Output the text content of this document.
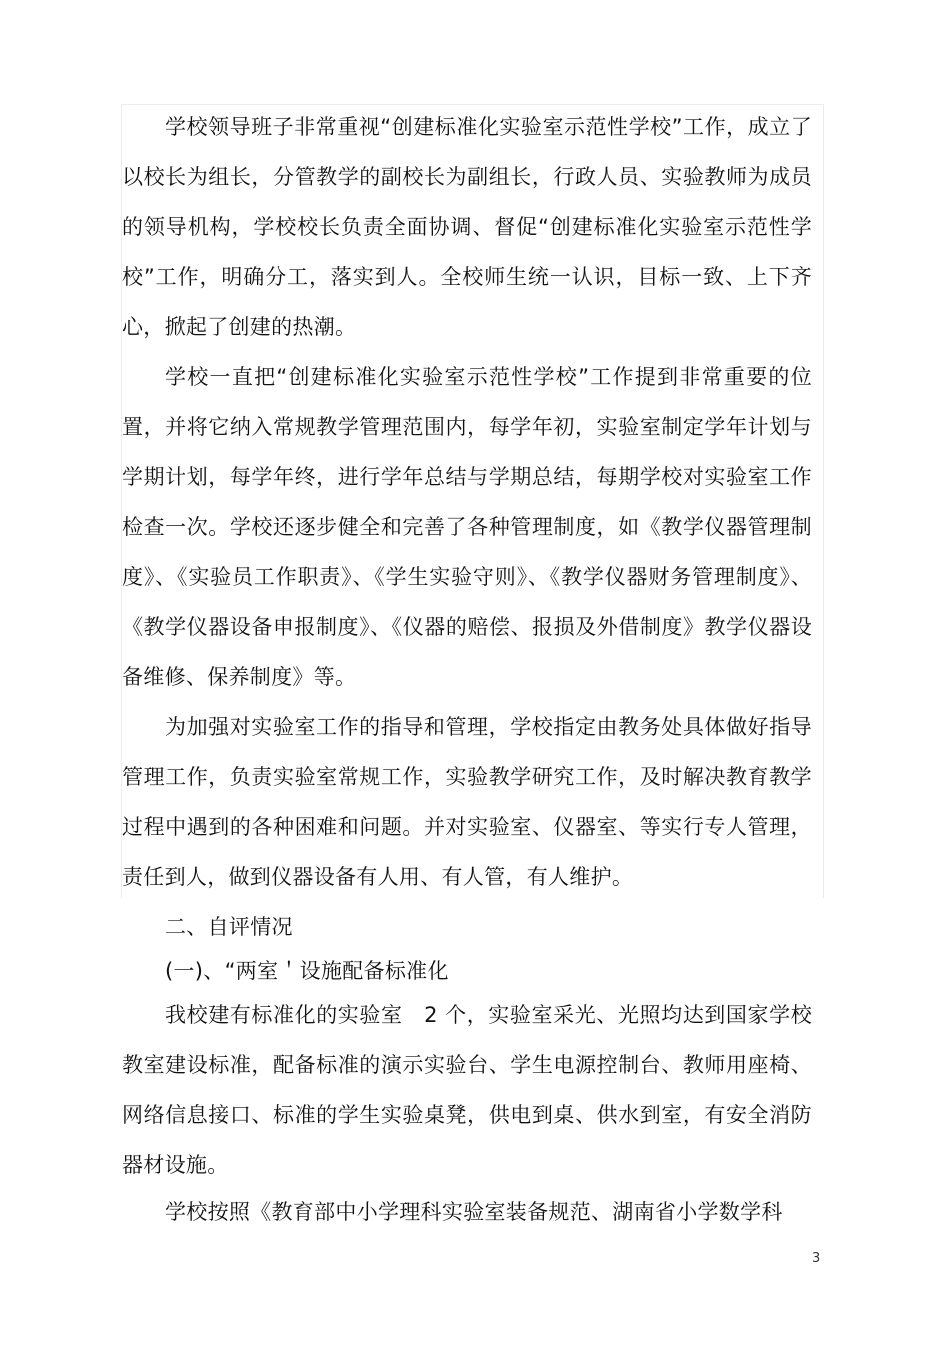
学校领导班子非常重视“创建标准化实验室示范性学校”工作，成立了以校长为组长，分管教学的副校长为副组长，行政人员、实验教师为成员的领导机构，学校校长负责全面协调、督促“创建标准化实验室示范性学校”工作，明确分工，落实到人。全校师生统一认识，目标一致、上下齐心，掀起了创建的热潮。

学校一直把“创建标准化实验室示范性学校”工作提到非常重要的位置，并将它纳入常规教学管理范围内，每学年初，实验室制定学年计划与学期计划，每学年终，进行学年总结与学期总结，每期学校对实验室工作检查一次。学校还逐步健全和完善了各种管理制度，如《教学仪器管理制度》、《实验员工作职责》、《学生实验守则》、《教学仪器财务管理制度》、《教学仪器设备申报制度》、《仪器的赔偿、报损及外借制度》教学仪器设备维修、保养制度》等。

为加强对实验室工作的指导和管理，学校指定由教务处具体做好指导管理工作，负责实验室常规工作，实验教学研究工作，及时解决教育教学过程中遇到的各种困难和问题。并对实验室、仪器室、等实行专人管理，责任到人，做到仪器设备有人用、有人管，有人维护。

二、自评情况

(一)、“两室＇设施配备标准化

我校建有标准化的实验室　2 个，实验室采光、光照均达到国家学校教室建设标准，配备标准的演示实验台、学生电源控制台、教师用座椅、网络信息接口、标准的学生实验桌凳，供电到桌、供水到室，有安全消防器材设施。

学校按照《教育部中小学理科实验室装备规范、湖南省小学数学科

3
